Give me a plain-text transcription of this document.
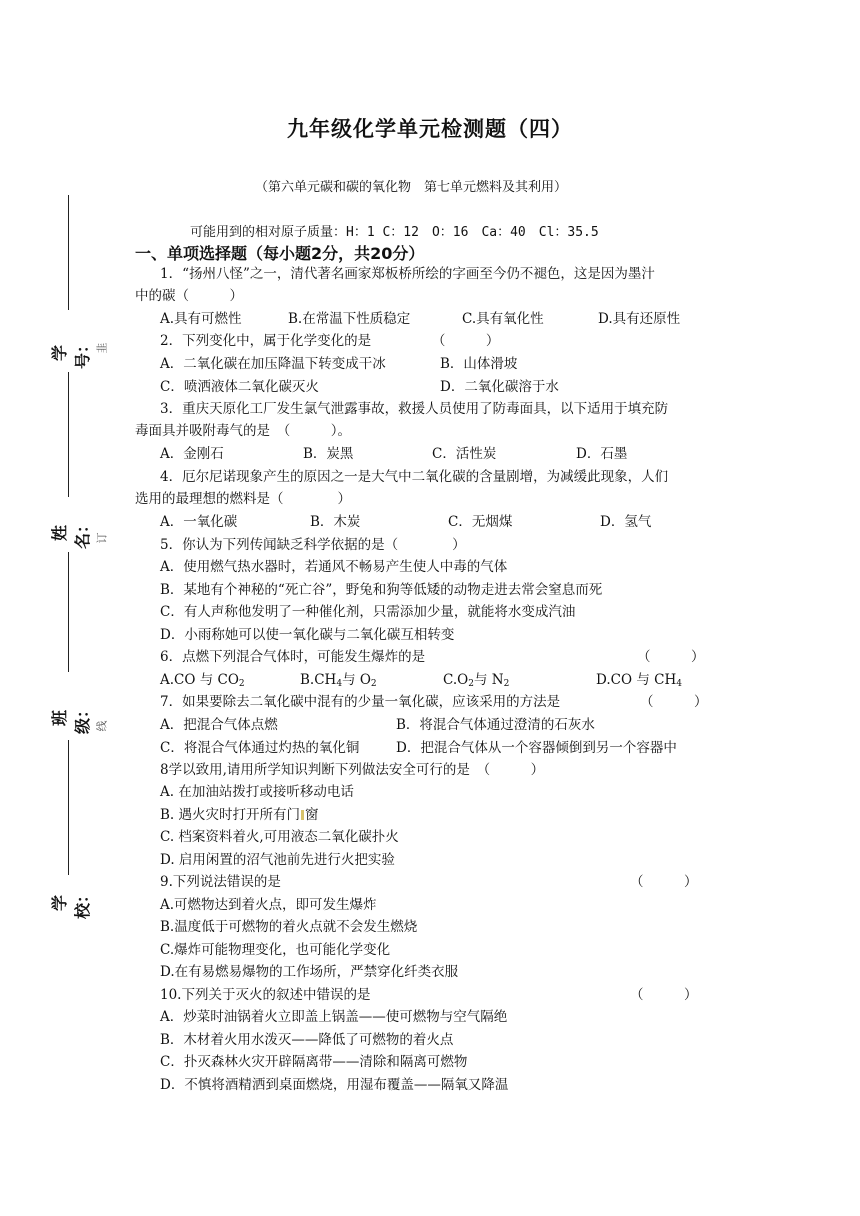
学号：
姓名：
班级：
学校：
韭
订
线
九年级化学单元检测题（四）
（第六单元碳和碳的氧化物　第七单元燃料及其利用）
可能用到的相对原子质量：H：1 C：12　O：16　Ca：40　Cl：35.5
一、单项选择题（每小题2分，共20分）
1．“扬州八怪”之一，清代著名画家郑板桥所绘的字画至今仍不褪色，这是因为墨汁
中的碳（　　　）
A.具有可燃性	B.在常温下性质稳定	C.具有氧化性	D.具有还原性
2．下列变化中，属于化学变化的是　　　　　（　　　）
A．二氧化碳在加压降温下转变成干冰	B．山体滑坡
C．喷洒液体二氧化碳灭火	D．二氧化碳溶于水
3．重庆天原化工厂发生氯气泄露事故，救援人员使用了防毒面具，以下适用于填充防
毒面具并吸附毒气的是　（　　　）。
A．金刚石	B．炭黑	C．活性炭	D．石墨
4．厄尔尼诺现象产生的原因之一是大气中二氧化碳的含量剧增，为减缓此现象，人们
选用的最理想的燃料是（　　　　）
A．一氧化碳	B．木炭	C．无烟煤	D．氢气
5．你认为下列传闻缺乏科学依据的是（　　　　）
A．使用燃气热水器时，若通风不畅易产生使人中毒的气体
B．某地有个神秘的“死亡谷”，野兔和狗等低矮的动物走进去常会窒息而死
C．有人声称他发明了一种催化剂，只需添加少量，就能将水变成汽油
D．小雨称她可以使一氧化碳与二氧化碳互相转变
6．点燃下列混合气体时，可能发生爆炸的是	（　　　）
A.CO 与 $CO_2$	$B.CH_4$与 $O_2$	$C.O_2$与 $N_2$	D.CO 与 $CH_4$
7．如果要除去二氧化碳中混有的少量一氧化碳，应该采用的方法是	（　　　）
A．把混合气体点燃	B．将混合气体通过澄清的石灰水
C．将混合气体通过灼热的氧化铜	D．把混合气体从一个容器倾倒到另一个容器中
8学以致用,请用所学知识判断下列做法安全可行的是　（　　　）
A. 在加油站拨打或接听移动电话
B. 遇火灾时打开所有门 窗
C. 档案资料着火,可用液态二氧化碳扑火
D. 启用闲置的沼气池前先进行火把实验
9.下列说法错误的是	（　　　）
A.可燃物达到着火点，即可发生爆炸
B.温度低于可燃物的着火点就不会发生燃烧
C.爆炸可能物理变化，也可能化学变化
D.在有易燃易爆物的工作场所，严禁穿化纤类衣服
10.下列关于灭火的叙述中错误的是	（　　　）
A．炒菜时油锅着火立即盖上锅盖——使可燃物与空气隔绝
B．木材着火用水泼灭——降低了可燃物的着火点
C．扑灭森林火灾开辟隔离带——清除和隔离可燃物
D．不慎将酒精洒到桌面燃烧，用湿布覆盖——隔氧又降温
